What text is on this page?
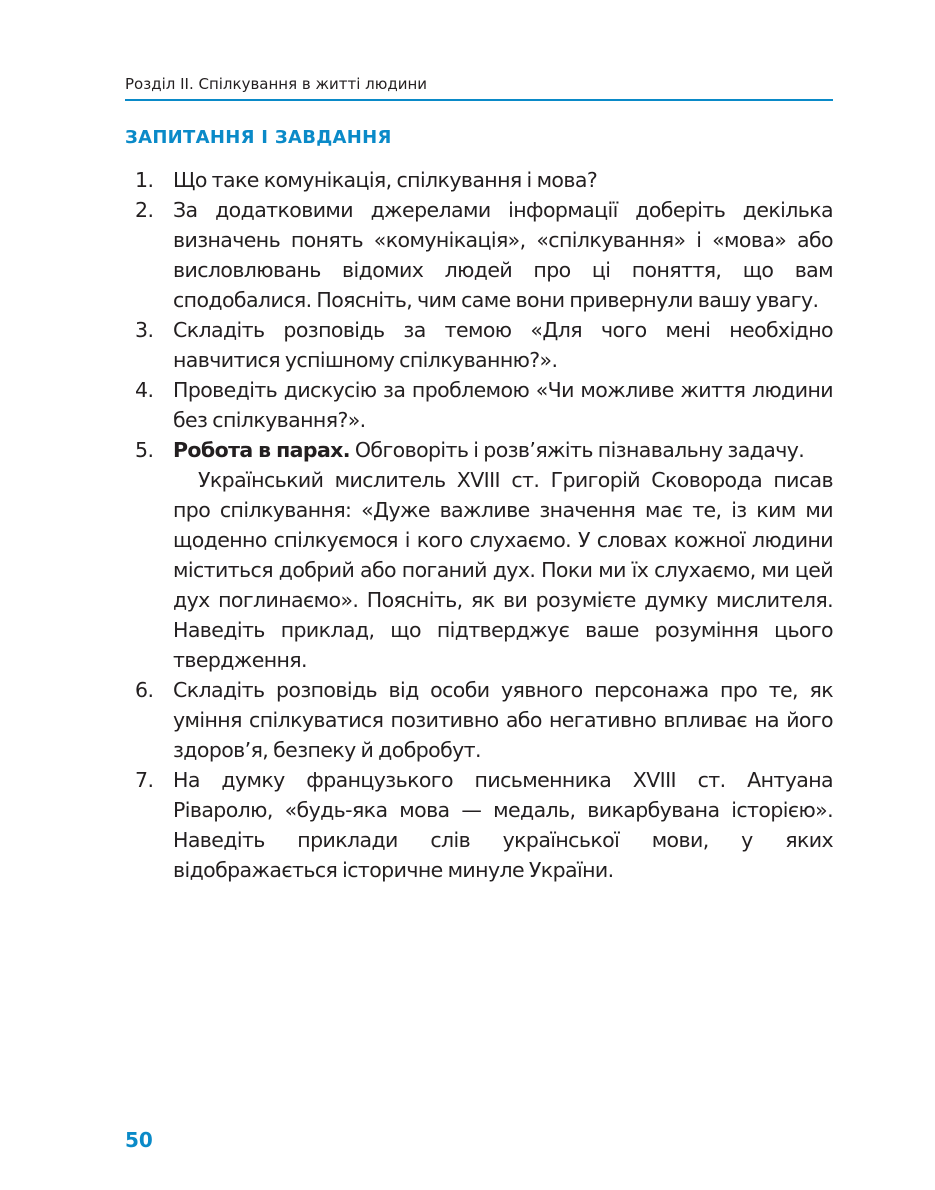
Розділ ІІ. Спілкування в житті людини
ЗАПИТАННЯ І ЗАВДАННЯ
1. Що таке комунікація, спілкування і мова?
2. За додатковими джерелами інформації доберіть декілька визначень понять «комунікація», «спілкування» і «мова» або висловлювань відомих людей про ці поняття, що вам сподобалися. Поясніть, чим саме вони привернули вашу увагу.
3. Складіть розповідь за темою «Для чого мені необхідно навчитися успішному спілкуванню?».
4. Проведіть дискусію за проблемою «Чи можливе життя людини без спілкування?».
5. Робота в парах. Обговоріть і розв’яжіть пізнавальну задачу.
Український мислитель XVIII ст. Григорій Сковорода писав про спілкування: «Дуже важливе значення має те, із ким ми щоденно спілкуємося і кого слухаємо. У словах кожної людини міститься добрий або поганий дух. Поки ми їх слухаємо, ми цей дух поглинаємо». Поясніть, як ви розумієте думку мислителя. Наведіть приклад, що підтверджує ваше розуміння цього твердження.
6. Складіть розповідь від особи уявного персонажа про те, як уміння спілкуватися позитивно або негативно впливає на його здоров’я, безпеку й добробут.
7. На думку французького письменника XVIII ст. Антуана Ріваролю, «будь-яка мова — медаль, викарбувана історією». Наведіть приклади слів української мови, у яких відображається історичне минуле України.
50
